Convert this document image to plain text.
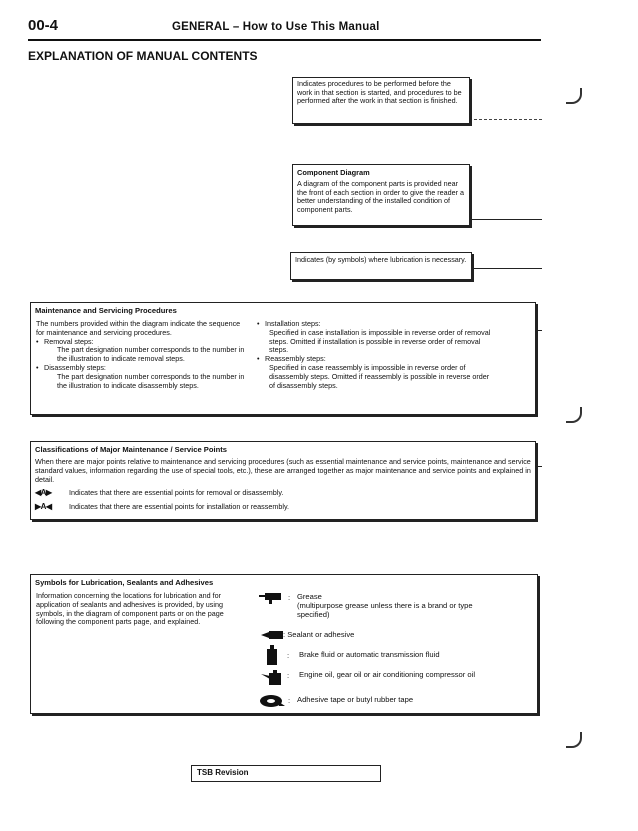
00-4	GENERAL – How to Use This Manual
EXPLANATION OF MANUAL CONTENTS
Indicates procedures to be performed before the work in that section is started, and procedures to be performed after the work in that section is finished.
Component Diagram
A diagram of the component parts is provided near the front of each section in order to give the reader a better understanding of the installed condition of component parts.
Indicates (by symbols) where lubrication is necessary.
Maintenance and Servicing Procedures
The numbers provided within the diagram indicate the sequence for maintenance and servicing procedures.
• Removal steps:
The part designation number corresponds to the number in the illustration to indicate removal steps.
• Disassembly steps:
The part designation number corresponds to the number in the illustration to indicate disassembly steps.
• Installation steps:
Specified in case installation is impossible in reverse order of removal steps. Omitted if installation is possible in reverse order of removal steps.
• Reassembly steps:
Specified in case reassembly is impossible in reverse order of disassembly steps. Omitted if reassembly is possible in reverse order of disassembly steps.
Classifications of Major Maintenance / Service Points
When there are major points relative to maintenance and servicing procedures (such as essential maintenance and service points, maintenance and service standard values, information regarding the use of special tools, etc.), these are arranged together as major maintenance and service points and explained in detail.
◀A▶	Indicates that there are essential points for removal or disassembly.
▶A◀	Indicates that there are essential points for installation or reassembly.
Symbols for Lubrication, Sealants and Adhesives
Information concerning the locations for lubrication and for application of sealants and adhesives is provided, by using symbols, in the diagram of component parts or on the page following the component parts page, and explained.
: Grease
(multipurpose grease unless there is a brand or type specified)
: Sealant or adhesive
: Brake fluid or automatic transmission fluid
: Engine oil, gear oil or air conditioning compressor oil
: Adhesive tape or butyl rubber tape
TSB Revision
